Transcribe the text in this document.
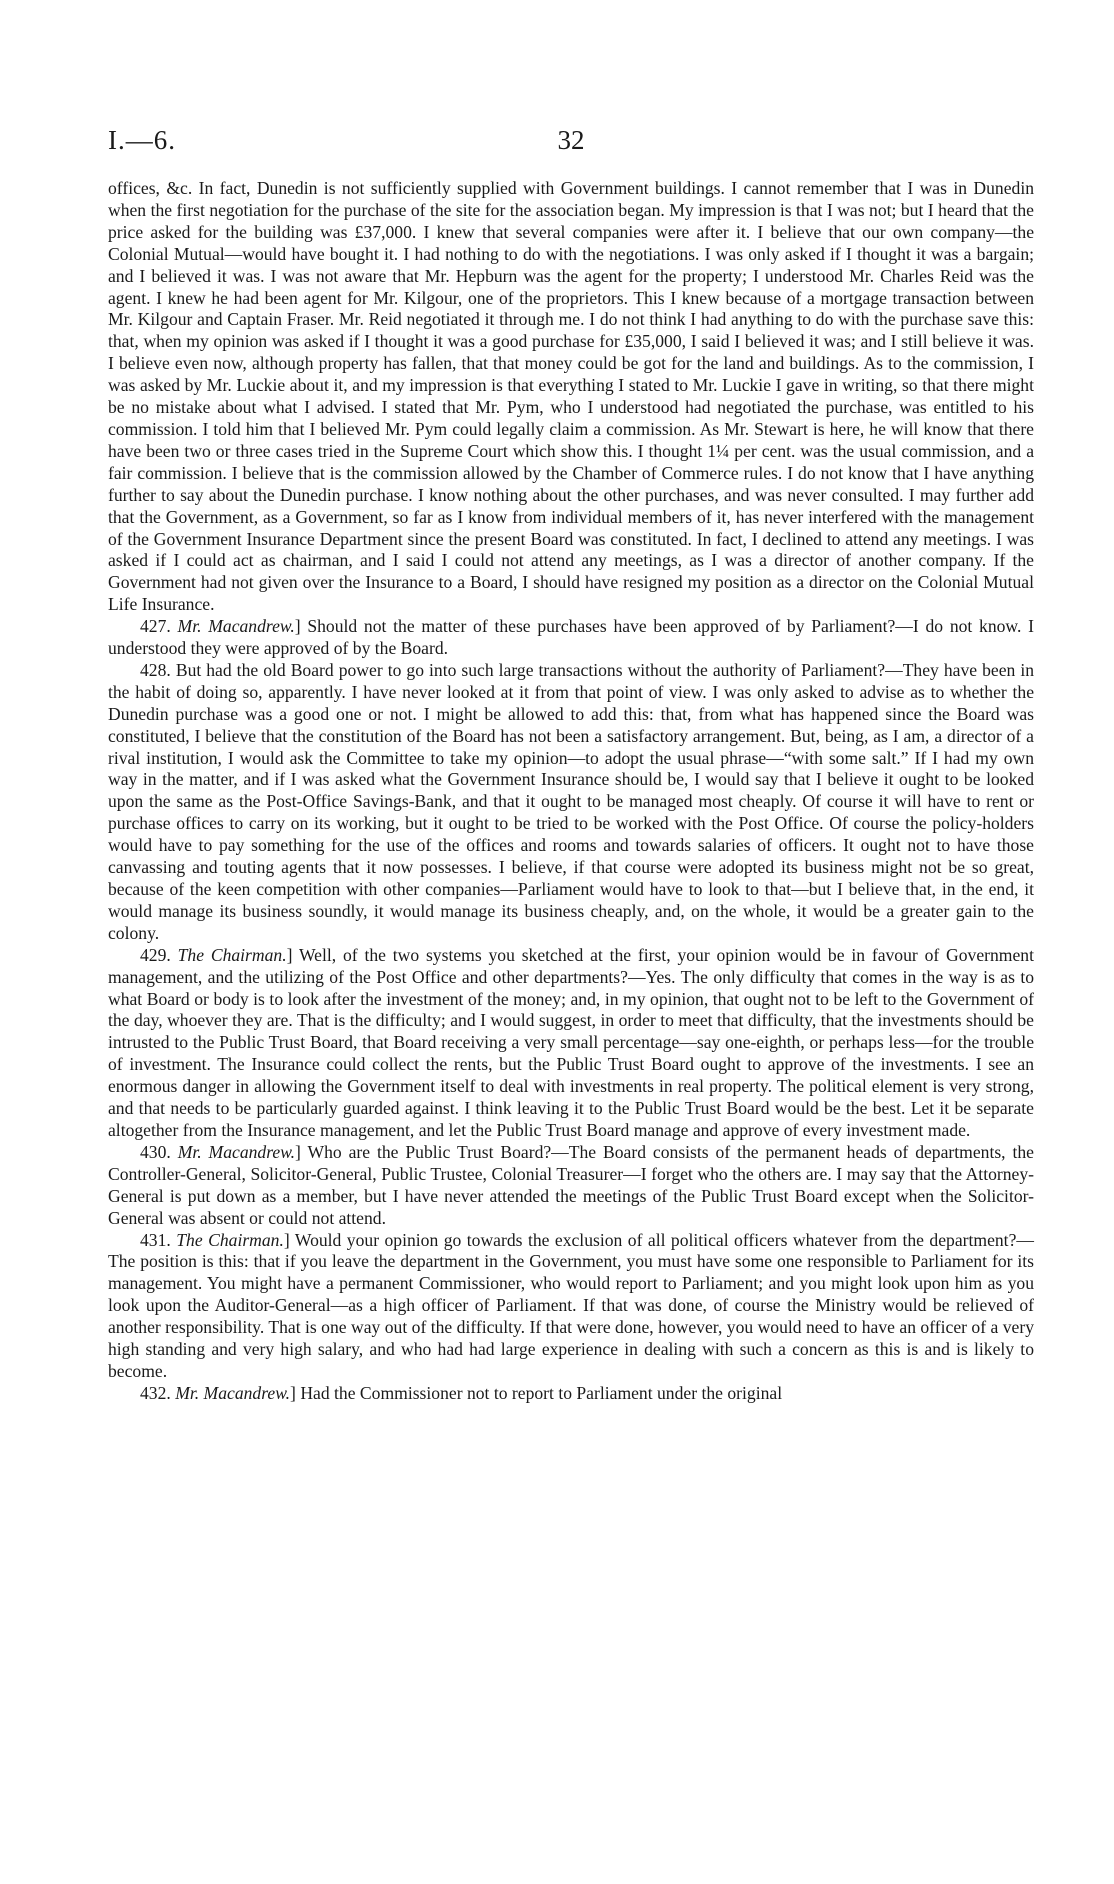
I.—6.	32

offices, &c. In fact, Dunedin is not sufficiently supplied with Government buildings. I cannot remember that I was in Dunedin when the first negotiation for the purchase of the site for the association began. My impression is that I was not; but I heard that the price asked for the building was £37,000. I knew that several companies were after it. I believe that our own company—the Colonial Mutual—would have bought it. I had nothing to do with the negotiations. I was only asked if I thought it was a bargain; and I believed it was. I was not aware that Mr. Hepburn was the agent for the property; I understood Mr. Charles Reid was the agent. I knew he had been agent for Mr. Kilgour, one of the proprietors. This I knew because of a mortgage transaction between Mr. Kilgour and Captain Fraser. Mr. Reid negotiated it through me. I do not think I had anything to do with the purchase save this: that, when my opinion was asked if I thought it was a good purchase for £35,000, I said I believed it was; and I still believe it was. I believe even now, although property has fallen, that that money could be got for the land and buildings. As to the commission, I was asked by Mr. Luckie about it, and my impression is that everything I stated to Mr. Luckie I gave in writing, so that there might be no mistake about what I advised. I stated that Mr. Pym, who I understood had negotiated the purchase, was entitled to his commission. I told him that I believed Mr. Pym could legally claim a commission. As Mr. Stewart is here, he will know that there have been two or three cases tried in the Supreme Court which show this. I thought 1¼ per cent. was the usual commission, and a fair commission. I believe that is the commission allowed by the Chamber of Commerce rules. I do not know that I have anything further to say about the Dunedin purchase. I know nothing about the other purchases, and was never consulted. I may further add that the Government, as a Government, so far as I know from individual members of it, has never interfered with the management of the Government Insurance Department since the present Board was constituted. In fact, I declined to attend any meetings. I was asked if I could act as chairman, and I said I could not attend any meetings, as I was a director of another company. If the Government had not given over the Insurance to a Board, I should have resigned my position as a director on the Colonial Mutual Life Insurance.

427. Mr. Macandrew.] Should not the matter of these purchases have been approved of by Parliament?—I do not know. I understood they were approved of by the Board.

428. But had the old Board power to go into such large transactions without the authority of Parliament?—They have been in the habit of doing so, apparently. I have never looked at it from that point of view. I was only asked to advise as to whether the Dunedin purchase was a good one or not. I might be allowed to add this: that, from what has happened since the Board was constituted, I believe that the constitution of the Board has not been a satisfactory arrangement. But, being, as I am, a director of a rival institution, I would ask the Committee to take my opinion—to adopt the usual phrase—“with some salt.” If I had my own way in the matter, and if I was asked what the Government Insurance should be, I would say that I believe it ought to be looked upon the same as the Post-Office Savings-Bank, and that it ought to be managed most cheaply. Of course it will have to rent or purchase offices to carry on its working, but it ought to be tried to be worked with the Post Office. Of course the policy-holders would have to pay something for the use of the offices and rooms and towards salaries of officers. It ought not to have those canvassing and touting agents that it now possesses. I believe, if that course were adopted its business might not be so great, because of the keen competition with other companies—Parliament would have to look to that—but I believe that, in the end, it would manage its business soundly, it would manage its business cheaply, and, on the whole, it would be a greater gain to the colony.

429. The Chairman.] Well, of the two systems you sketched at the first, your opinion would be in favour of Government management, and the utilizing of the Post Office and other departments?—Yes. The only difficulty that comes in the way is as to what Board or body is to look after the investment of the money; and, in my opinion, that ought not to be left to the Government of the day, whoever they are. That is the difficulty; and I would suggest, in order to meet that difficulty, that the investments should be intrusted to the Public Trust Board, that Board receiving a very small percentage—say one-eighth, or perhaps less—for the trouble of investment. The Insurance could collect the rents, but the Public Trust Board ought to approve of the investments. I see an enormous danger in allowing the Government itself to deal with investments in real property. The political element is very strong, and that needs to be particularly guarded against. I think leaving it to the Public Trust Board would be the best. Let it be separate altogether from the Insurance management, and let the Public Trust Board manage and approve of every investment made.

430. Mr. Macandrew.] Who are the Public Trust Board?—The Board consists of the permanent heads of departments, the Controller-General, Solicitor-General, Public Trustee, Colonial Treasurer—I forget who the others are. I may say that the Attorney-General is put down as a member, but I have never attended the meetings of the Public Trust Board except when the Solicitor-General was absent or could not attend.

431. The Chairman.] Would your opinion go towards the exclusion of all political officers whatever from the department?—The position is this: that if you leave the department in the Government, you must have some one responsible to Parliament for its management. You might have a permanent Commissioner, who would report to Parliament; and you might look upon him as you look upon the Auditor-General—as a high officer of Parliament. If that was done, of course the Ministry would be relieved of another responsibility. That is one way out of the difficulty. If that were done, however, you would need to have an officer of a very high standing and very high salary, and who had had large experience in dealing with such a concern as this is and is likely to become.

432. Mr. Macandrew.] Had the Commissioner not to report to Parliament under the original
